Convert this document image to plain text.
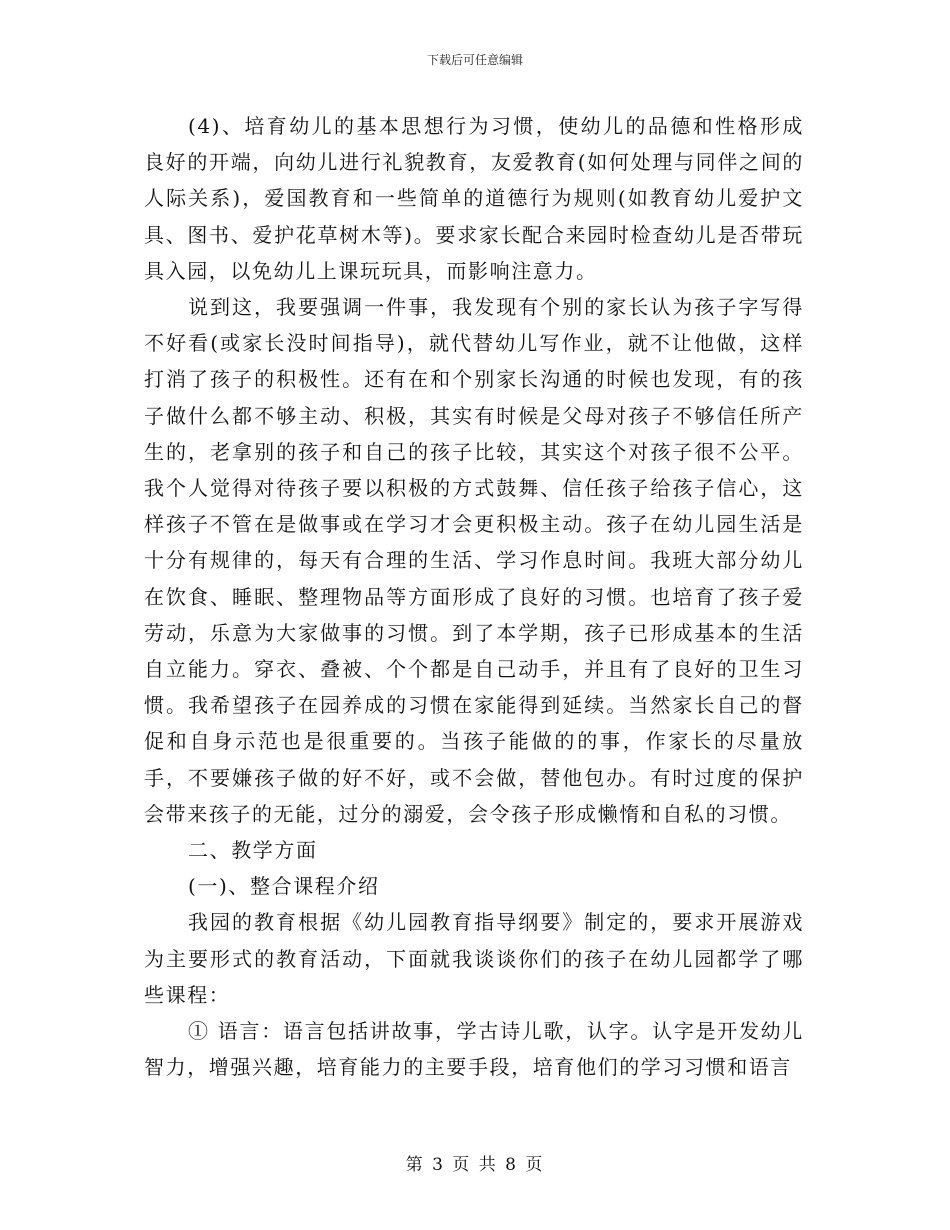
下载后可任意编辑

(4)、培育幼儿的基本思想行为习惯，使幼儿的品德和性格形成良好的开端，向幼儿进行礼貌教育，友爱教育(如何处理与同伴之间的人际关系)，爱国教育和一些简单的道德行为规则(如教育幼儿爱护文具、图书、爱护花草树木等)。要求家长配合来园时检查幼儿是否带玩具入园，以免幼儿上课玩玩具，而影响注意力。

说到这，我要强调一件事，我发现有个别的家长认为孩子字写得不好看(或家长没时间指导)，就代替幼儿写作业，就不让他做，这样打消了孩子的积极性。还有在和个别家长沟通的时候也发现，有的孩子做什么都不够主动、积极，其实有时候是父母对孩子不够信任所产生的，老拿别的孩子和自己的孩子比较，其实这个对孩子很不公平。我个人觉得对待孩子要以积极的方式鼓舞、信任孩子给孩子信心，这样孩子不管在是做事或在学习才会更积极主动。孩子在幼儿园生活是十分有规律的，每天有合理的生活、学习作息时间。我班大部分幼儿在饮食、睡眠、整理物品等方面形成了良好的习惯。也培育了孩子爱劳动，乐意为大家做事的习惯。到了本学期，孩子已形成基本的生活自立能力。穿衣、叠被、个个都是自己动手，并且有了良好的卫生习惯。我希望孩子在园养成的习惯在家能得到延续。当然家长自己的督促和自身示范也是很重要的。当孩子能做的的事，作家长的尽量放手，不要嫌孩子做的好不好，或不会做，替他包办。有时过度的保护会带来孩子的无能，过分的溺爱，会令孩子形成懒惰和自私的习惯。

二、教学方面

(一)、整合课程介绍

我园的教育根据《幼儿园教育指导纲要》制定的，要求开展游戏为主要形式的教育活动，下面就我谈谈你们的孩子在幼儿园都学了哪些课程：

① 语言：语言包括讲故事，学古诗儿歌，认字。认字是开发幼儿智力，增强兴趣，培育能力的主要手段，培育他们的学习习惯和语言

第 3 页 共 8 页
